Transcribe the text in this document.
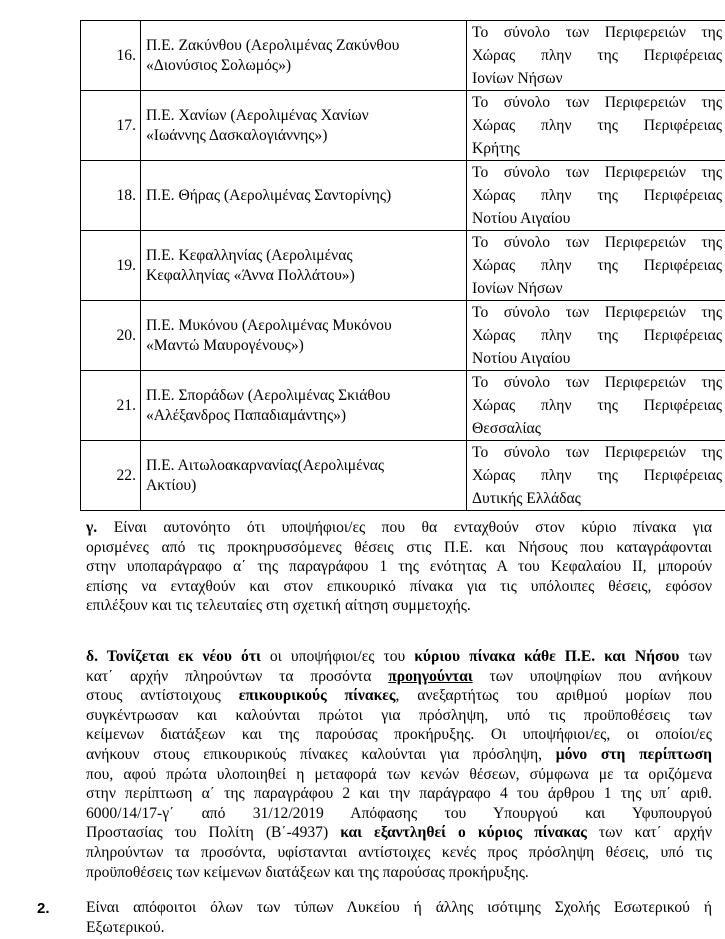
16.	Π.Ε. Ζακύνθου (Αερολιμένας Ζακύνθου
«Διονύσιος Σολωμός»)	Το σύνολο των Περιφερειών της
Χώρας πλην της Περιφέρειας
Ιονίων Νήσων

17.	Π.Ε. Χανίων (Αερολιμένας Χανίων
«Ιωάννης Δασκαλογιάννης»)	Το σύνολο των Περιφερειών της
Χώρας πλην της Περιφέρειας
Κρήτης

18.	Π.Ε. Θήρας (Αερολιμένας Σαντορίνης)	Το σύνολο των Περιφερειών της
Χώρας πλην της Περιφέρειας
Νοτίου Αιγαίου

19.	Π.Ε. Κεφαλληνίας (Αερολιμένας
Κεφαλληνίας «Άννα Πολλάτου»)	Το σύνολο των Περιφερειών της
Χώρας πλην της Περιφέρειας
Ιονίων Νήσων

20.	Π.Ε. Μυκόνου (Αερολιμένας Μυκόνου
«Μαντώ Μαυρογένους»)	Το σύνολο των Περιφερειών της
Χώρας πλην της Περιφέρειας
Νοτίου Αιγαίου

21.	Π.Ε. Σποράδων (Αερολιμένας Σκιάθου
«Αλέξανδρος Παπαδιαμάντης»)	Το σύνολο των Περιφερειών της
Χώρας πλην της Περιφέρειας
Θεσσαλίας

22.	Π.Ε. Αιτωλοακαρνανίας(Αερολιμένας
Ακτίου)	Το σύνολο των Περιφερειών της
Χώρας πλην της Περιφέρειας
Δυτικής Ελλάδας
γ. Είναι αυτονόητο ότι υποψήφιοι/ες που θα ενταχθούν στον κύριο πίνακα για
ορισμένες από τις προκηρυσσόμενες θέσεις στις Π.Ε. και Νήσους που καταγράφονται
στην υποπαράγραφο α΄ της παραγράφου 1 της ενότητας Α του Κεφαλαίου ΙΙ, μπορούν
επίσης να ενταχθούν και στον επικουρικό πίνακα για τις υπόλοιπες θέσεις, εφόσον
επιλέξουν και τις τελευταίες στη σχετική αίτηση συμμετοχής.
δ. Τονίζεται εκ νέου ότι οι υποψήφιοι/ες του κύριου πίνακα κάθε Π.Ε. και Νήσου των
κατ΄ αρχήν πληρούντων τα προσόντα προηγούνται των υποψηφίων που ανήκουν
στους αντίστοιχους επικουρικούς πίνακες, ανεξαρτήτως του αριθμού μορίων που
συγκέντρωσαν και καλούνται πρώτοι για πρόσληψη, υπό τις προϋποθέσεις των
κείμενων διατάξεων και της παρούσας προκήρυξης. Οι υποψήφιοι/ες, οι οποίοι/ες
ανήκουν στους επικουρικούς πίνακες καλούνται για πρόσληψη, μόνο στη περίπτωση
που, αφού πρώτα υλοποιηθεί η μεταφορά των κενών θέσεων, σύμφωνα με τα οριζόμενα
στην περίπτωση α΄ της παραγράφου 2 και την παράγραφο 4 του άρθρου 1 της υπ΄ αριθ.
6000/14/17-γ΄ από 31/12/2019 Απόφασης του Υπουργού και Υφυπουργού
Προστασίας του Πολίτη (Β΄-4937) και εξαντληθεί ο κύριος πίνακας των κατ΄ αρχήν
πληρούντων τα προσόντα, υφίστανται αντίστοιχες κενές προς πρόσληψη θέσεις, υπό τις
προϋποθέσεις των κείμενων διατάξεων και της παρούσας προκήρυξης.
2. Είναι απόφοιτοι όλων των τύπων Λυκείου ή άλλης ισότιμης Σχολής Εσωτερικού ή
Εξωτερικού.
